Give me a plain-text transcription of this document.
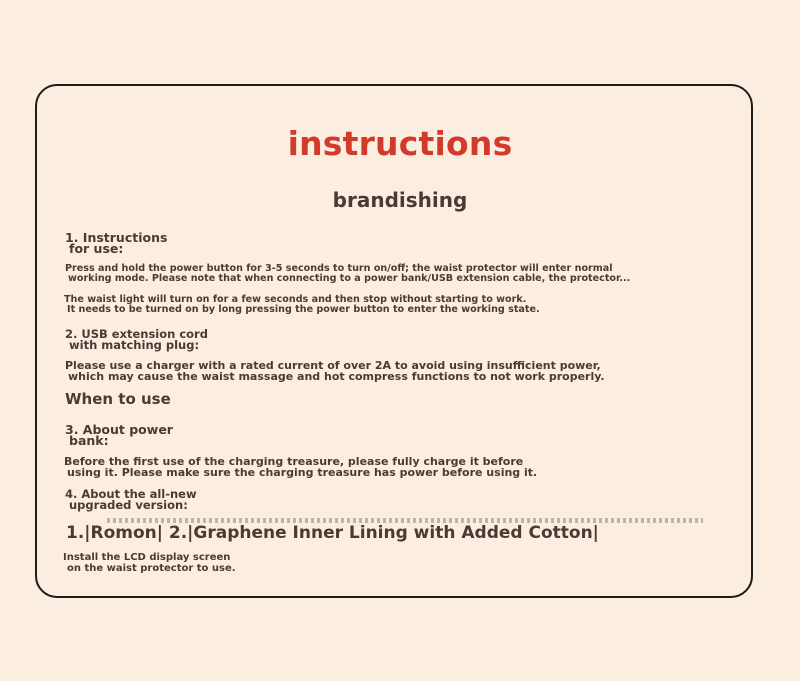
instructions
brandishing
1. Instructions
for use:
Press and hold the power button for 3-5 seconds to turn on/off; the waist protector will enter normal
working mode. Please note that when connecting to a power bank/USB extension cable, the protector...
The waist light will turn on for a few seconds and then stop without starting to work.
It needs to be turned on by long pressing the power button to enter the working state.
2. USB extension cord
with matching plug:
Please use a charger with a rated current of over 2A to avoid using insufficient power,
which may cause the waist massage and hot compress functions to not work properly.
When to use
3. About power
bank:
Before the first use of the charging treasure, please fully charge it before
using it. Please make sure the charging treasure has power before using it.
4. About the all-new
upgraded version:
1.|Romon| 2.|Graphene Inner Lining with Added Cotton|
Install the LCD display screen
on the waist protector to use.
